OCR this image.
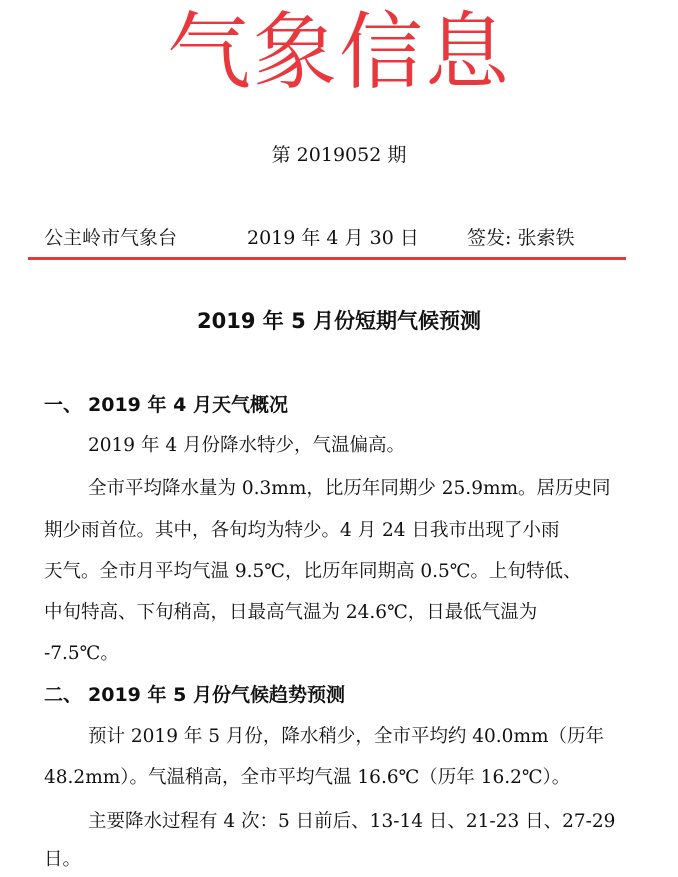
气象信息
第 2019052 期
公主岭市气象台	2019 年 4 月 30 日	签发: 张索铁
2019 年 5 月份短期气候预测
一、 2019 年 4 月天气概况
2019 年 4 月份降水特少，气温偏高。
全市平均降水量为 0.3mm，比历年同期少 25.9mm。居历史同
期少雨首位。其中，各旬均为特少。4 月 24 日我市出现了小雨
天气。全市月平均气温 9.5℃，比历年同期高 0.5℃。上旬特低、
中旬特高、下旬稍高，日最高气温为 24.6℃，日最低气温为
-7.5℃。
二、 2019 年 5 月份气候趋势预测
预计 2019 年 5 月份，降水稍少，全市平均约 40.0mm（历年
48.2mm）。气温稍高，全市平均气温 16.6℃（历年 16.2℃）。
主要降水过程有 4 次：5 日前后、13-14 日、21-23 日、27-29
日。
